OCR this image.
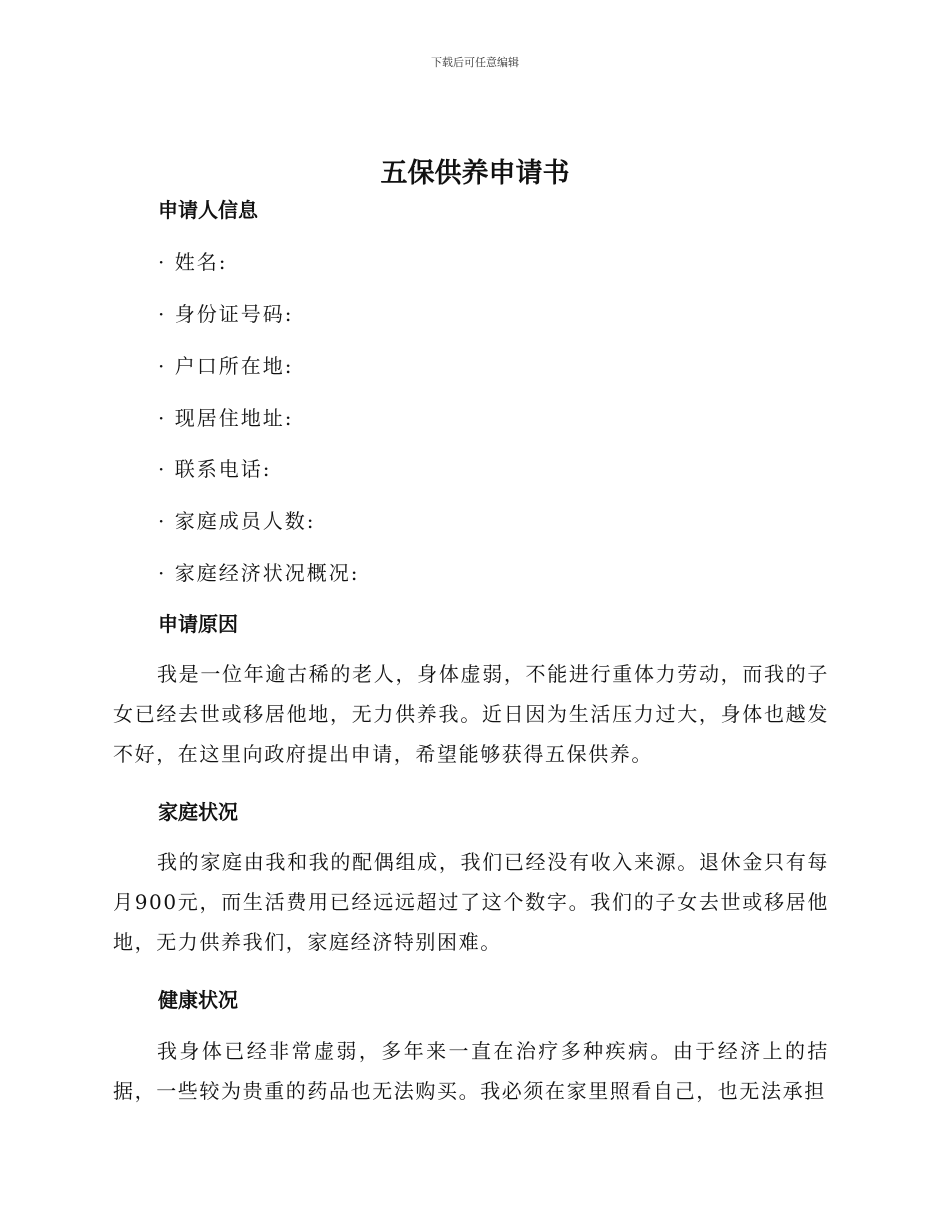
下载后可任意编辑
五保供养申请书
申请人信息
· 姓名:
· 身份证号码:
· 户口所在地:
· 现居住地址:
· 联系电话:
· 家庭成员人数:
· 家庭经济状况概况:
申请原因

我是一位年逾古稀的老人，身体虚弱，不能进行重体力劳动，而我的子女已经去世或移居他地，无力供养我。近日因为生活压力过大，身体也越发不好，在这里向政府提出申请，希望能够获得五保供养。

家庭状况

我的家庭由我和我的配偶组成，我们已经没有收入来源。退休金只有每月900元，而生活费用已经远远超过了这个数字。我们的子女去世或移居他地，无力供养我们，家庭经济特别困难。

健康状况

我身体已经非常虚弱，多年来一直在治疗多种疾病。由于经济上的拮据，一些较为贵重的药品也无法购买。我必须在家里照看自己，也无法承担
